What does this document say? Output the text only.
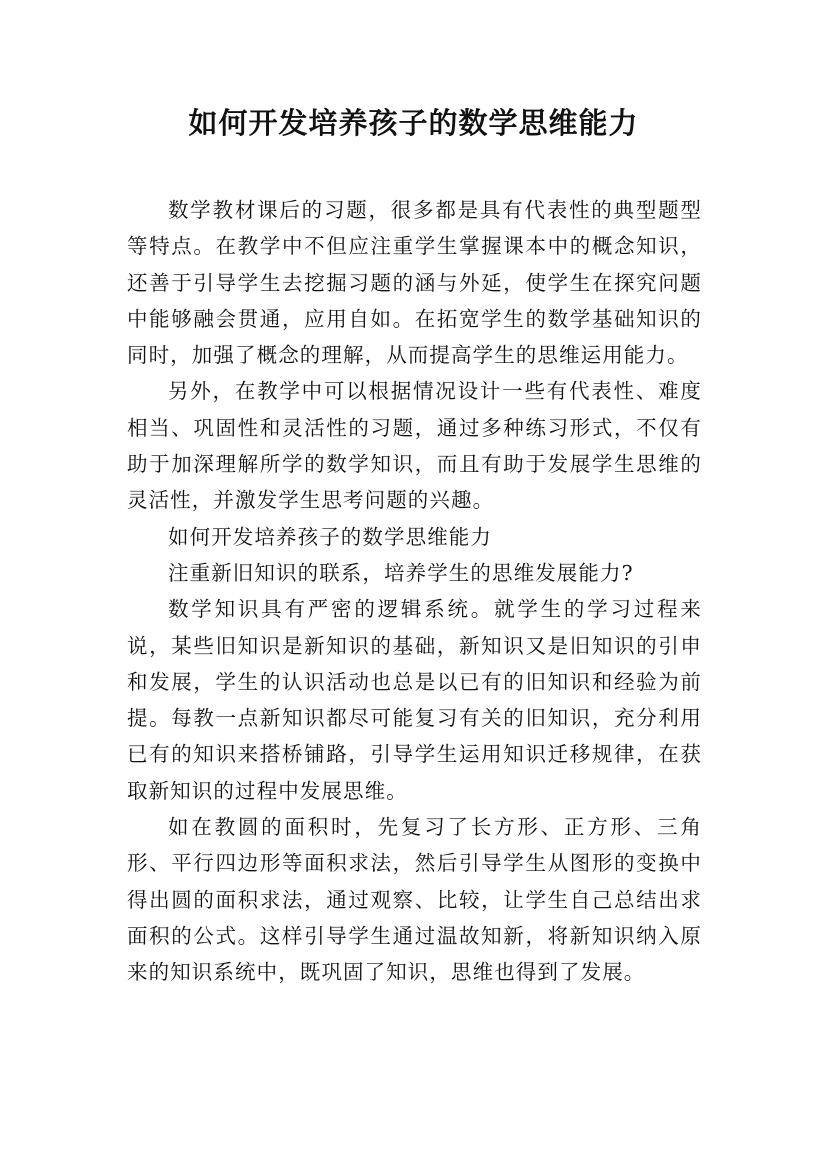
如何开发培养孩子的数学思维能力

数学教材课后的习题，很多都是具有代表性的典型题型等特点。在教学中不但应注重学生掌握课本中的概念知识，还善于引导学生去挖掘习题的涵与外延，使学生在探究问题中能够融会贯通，应用自如。在拓宽学生的数学基础知识的同时，加强了概念的理解，从而提高学生的思维运用能力。

另外，在教学中可以根据情况设计一些有代表性、难度相当、巩固性和灵活性的习题，通过多种练习形式，不仅有助于加深理解所学的数学知识，而且有助于发展学生思维的灵活性，并激发学生思考问题的兴趣。

如何开发培养孩子的数学思维能力

注重新旧知识的联系，培养学生的思维发展能力?

数学知识具有严密的逻辑系统。就学生的学习过程来说，某些旧知识是新知识的基础，新知识又是旧知识的引申和发展，学生的认识活动也总是以已有的旧知识和经验为前提。每教一点新知识都尽可能复习有关的旧知识，充分利用已有的知识来搭桥铺路，引导学生运用知识迁移规律，在获取新知识的过程中发展思维。

如在教圆的面积时，先复习了长方形、正方形、三角形、平行四边形等面积求法，然后引导学生从图形的变换中得出圆的面积求法，通过观察、比较，让学生自己总结出求面积的公式。这样引导学生通过温故知新，将新知识纳入原来的知识系统中，既巩固了知识，思维也得到了发展。
